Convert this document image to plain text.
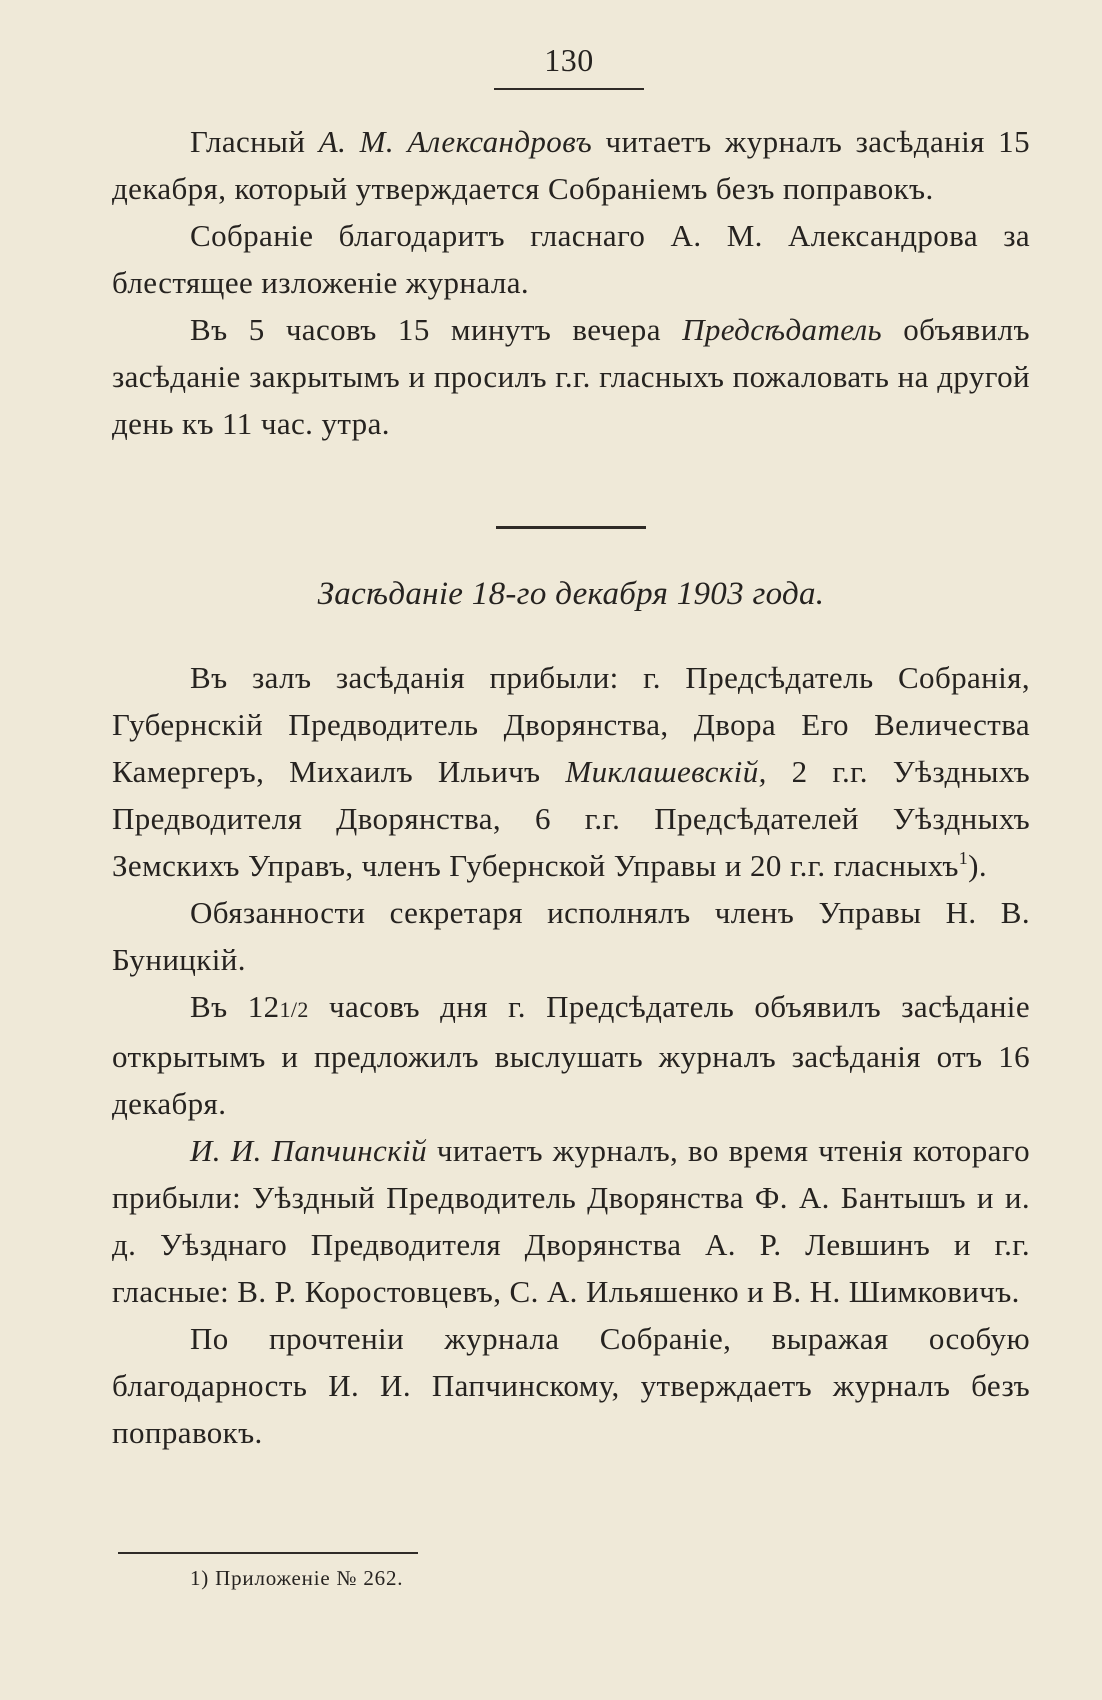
130

Гласный А. М. Александровъ читаетъ журналъ засѣданія 15 декабря, который утверждается Собраніемъ безъ поправокъ.

Собраніе благодаритъ гласнаго А. М. Александрова за блестящее изложеніе журнала.

Въ 5 часовъ 15 минутъ вечера Предсѣдатель объявилъ засѣданіе закрытымъ и просилъ г.г. гласныхъ пожаловать на другой день къ 11 час. утра.

Засѣданіе 18-го декабря 1903 года.

Въ залъ засѣданія прибыли: г. Предсѣдатель Собранія, Губернскій Предводитель Дворянства, Двора Его Величества Камергеръ, Михаилъ Ильичъ Миклашевскій, 2 г.г. Уѣздныхъ Предводителя Дворянства, 6 г.г. Предсѣдателей Уѣздныхъ Земскихъ Управъ, членъ Губернской Управы и 20 г.г. гласныхъ$^1$).

Обязанности секретаря исполнялъ членъ Управы Н. В. Буницкій.

Въ 121/2 часовъ дня г. Предсѣдатель объявилъ засѣданіе открытымъ и предложилъ выслушать журналъ засѣданія отъ 16 декабря.

И. И. Папчинскій читаетъ журналъ, во время чтенія котораго прибыли: Уѣздный Предводитель Дворянства Ф. А. Бантышъ и и. д. Уѣзднаго Предводителя Дворянства А. Р. Левшинъ и г.г. гласные: В. Р. Коростовцевъ, С. А. Ильяшенко и В. Н. Шимковичъ.

По прочтеніи журнала Собраніе, выражая особую благодарность И. И. Папчинскому, утверждаетъ журналъ безъ поправокъ.

1) Приложеніе № 262.
